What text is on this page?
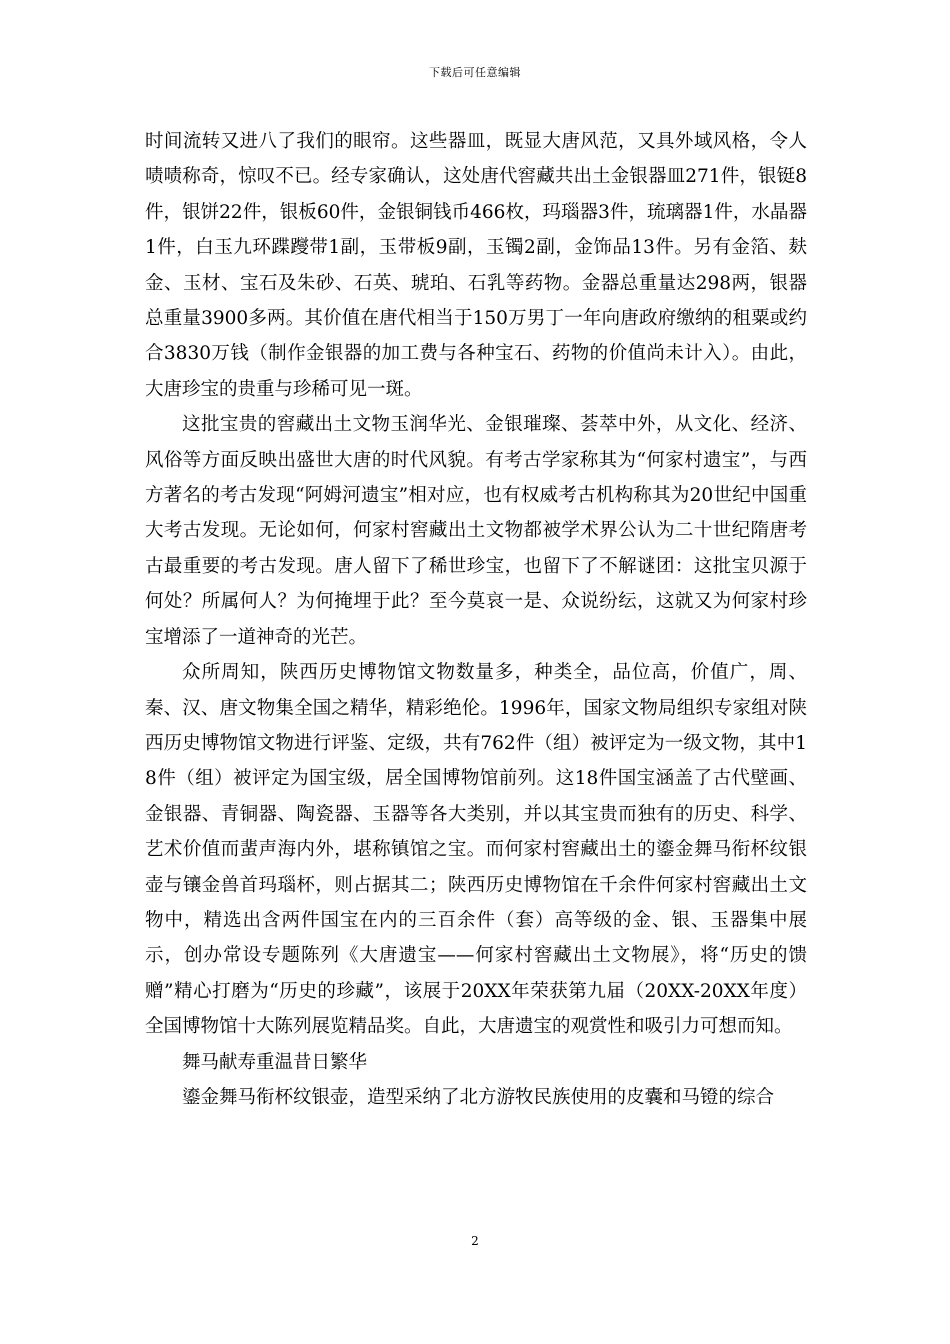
下载后可任意编辑

时间流转又进八了我们的眼帘。这些器皿，既显大唐风范，又具外域风格，令人啧啧称奇，惊叹不已。经专家确认，这处唐代窖藏共出土金银器皿271件，银铤8件，银饼22件，银板60件，金银铜钱币466枚，玛瑙器3件，琉璃器1件，水晶器1件，白玉九环蹀躞带1副，玉带板9副，玉镯2副，金饰品13件。另有金箔、麸金、玉材、宝石及朱砂、石英、琥珀、石乳等药物。金器总重量达298两，银器总重量3900多两。其价值在唐代相当于150万男丁一年向唐政府缴纳的租粟或约合3830万钱（制作金银器的加工费与各种宝石、药物的价值尚未计入）。由此，大唐珍宝的贵重与珍稀可见一斑。

这批宝贵的窖藏出土文物玉润华光、金银璀璨、荟萃中外，从文化、经济、风俗等方面反映出盛世大唐的时代风貌。有考古学家称其为“何家村遗宝”，与西方著名的考古发现“阿姆河遗宝”相对应，也有权威考古机构称其为20世纪中国重大考古发现。无论如何，何家村窖藏出土文物都被学术界公认为二十世纪隋唐考古最重要的考古发现。唐人留下了稀世珍宝，也留下了不解谜团：这批宝贝源于何处？所属何人？为何掩埋于此？至今莫哀一是、众说纷纭，这就又为何家村珍宝增添了一道神奇的光芒。

众所周知，陕西历史博物馆文物数量多，种类全，品位高，价值广，周、秦、汉、唐文物集全国之精华，精彩绝伦。1996年，国家文物局组织专家组对陕西历史博物馆文物进行评鉴、定级，共有762件（组）被评定为一级文物，其中18件（组）被评定为国宝级，居全国博物馆前列。这18件国宝涵盖了古代壁画、金银器、青铜器、陶瓷器、玉器等各大类别，并以其宝贵而独有的历史、科学、艺术价值而蜚声海内外，堪称镇馆之宝。而何家村窖藏出土的鎏金舞马衔杯纹银壶与镶金兽首玛瑙杯，则占据其二；陕西历史博物馆在千余件何家村窖藏出土文物中，精选出含两件国宝在内的三百余件（套）高等级的金、银、玉器集中展示，创办常设专题陈列《大唐遗宝——何家村窖藏出土文物展》，将“历史的馈赠”精心打磨为“历史的珍藏”，该展于20XX年荣获第九届（20XX-20XX年度）全国博物馆十大陈列展览精品奖。自此，大唐遗宝的观赏性和吸引力可想而知。

舞马献寿重温昔日繁华

鎏金舞马衔杯纹银壶，造型采纳了北方游牧民族使用的皮囊和马镫的综合

2
